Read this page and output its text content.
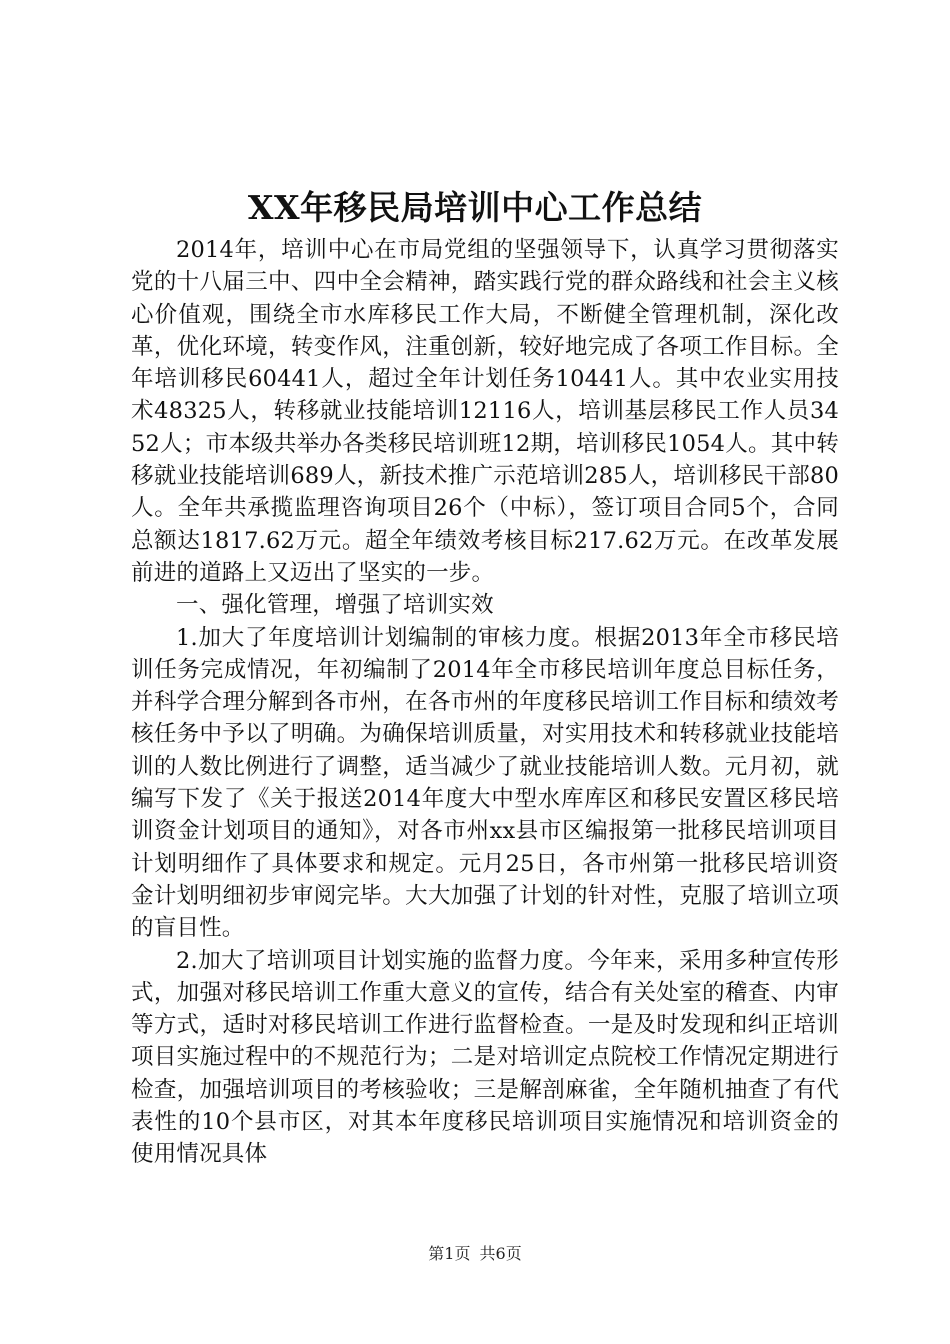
XX年移民局培训中心工作总结

2014年，培训中心在市局党组的坚强领导下，认真学习贯彻落实党的十八届三中、四中全会精神，踏实践行党的群众路线和社会主义核心价值观，围绕全市水库移民工作大局，不断健全管理机制，深化改革，优化环境，转变作风，注重创新，较好地完成了各项工作目标。全年培训移民60441人，超过全年计划任务10441人。其中农业实用技术48325人，转移就业技能培训12116人，培训基层移民工作人员3452人；市本级共举办各类移民培训班12期，培训移民1054人。其中转移就业技能培训689人，新技术推广示范培训285人，培训移民干部80人。全年共承揽监理咨询项目26个（中标），签订项目合同5个，合同总额达1817.62万元。超全年绩效考核目标217.62万元。在改革发展前进的道路上又迈出了坚实的一步。

一、强化管理，增强了培训实效

1.加大了年度培训计划编制的审核力度。根据2013年全市移民培训任务完成情况，年初编制了2014年全市移民培训年度总目标任务，并科学合理分解到各市州，在各市州的年度移民培训工作目标和绩效考核任务中予以了明确。为确保培训质量，对实用技术和转移就业技能培训的人数比例进行了调整，适当减少了就业技能培训人数。元月初，就编写下发了《关于报送2014年度大中型水库库区和移民安置区移民培训资金计划项目的通知》，对各市州xx县市区编报第一批移民培训项目计划明细作了具体要求和规定。元月25日，各市州第一批移民培训资金计划明细初步审阅完毕。大大加强了计划的针对性，克服了培训立项的盲目性。

2.加大了培训项目计划实施的监督力度。今年来，采用多种宣传形式，加强对移民培训工作重大意义的宣传，结合有关处室的稽查、内审等方式，适时对移民培训工作进行监督检查。一是及时发现和纠正培训项目实施过程中的不规范行为；二是对培训定点院校工作情况定期进行检查，加强培训项目的考核验收；三是解剖麻雀，全年随机抽查了有代表性的10个县市区，对其本年度移民培训项目实施情况和培训资金的使用情况具体

第1页 共6页
